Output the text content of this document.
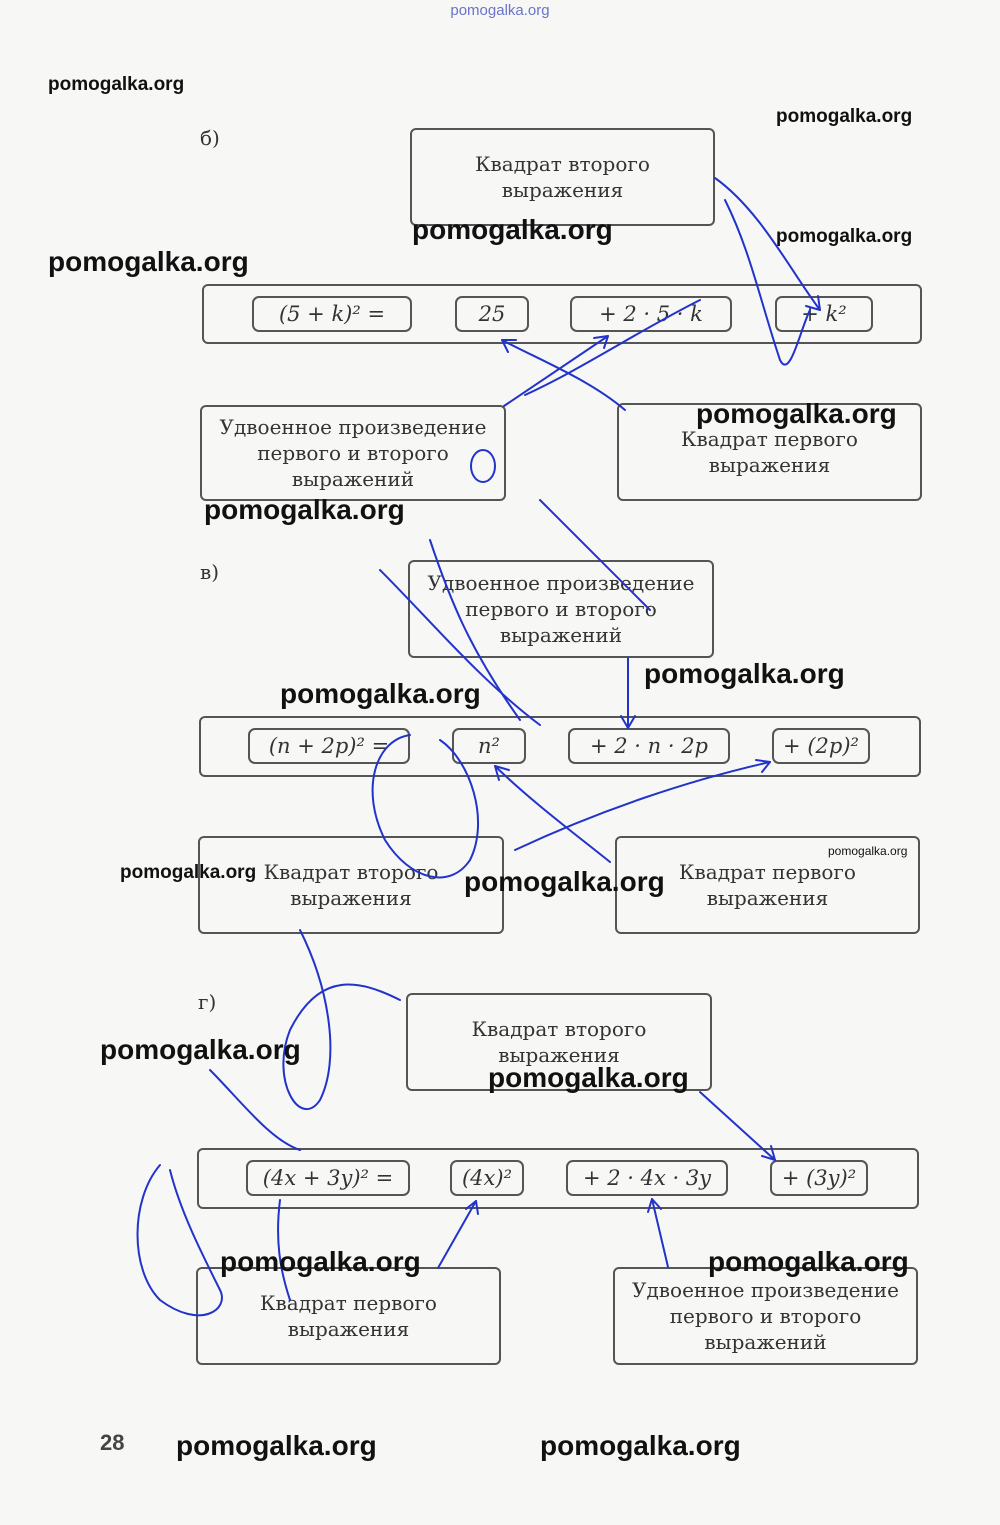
pomogalka.org
б)
Квадрат второго
выражения
(5 + k)² =	25	+ 2 · 5 · k	+ k²
Удвоенное произведение
первого и второго
выражений
Квадрат первого
выражения
в)	Удвоенное произведение
первого и второго
выражений
(n + 2p)² =	n²	+ 2 · n · 2p	+ (2p)²
Квадрат второго
выражения
Квадрат первого
выражения
г)
Квадрат второго
выражения
(4x + 3y)² =	(4x)²	+ 2 · 4x · 3y	+ (3y)²
Квадрат первого
выражения
Удвоенное произведение
первого и второго
выражений
pomogalka.org
pomogalka.org
pomogalka.org	pomogalka.org
pomogalka.org
pomogalka.org
pomogalka.org
pomogalka.org
pomogalka.org
pomogalka.org
pomogalka.org	pomogalka.org
pomogalka.org
pomogalka.org
pomogalka.org	pomogalka.org
pomogalka.org	pomogalka.org
28
